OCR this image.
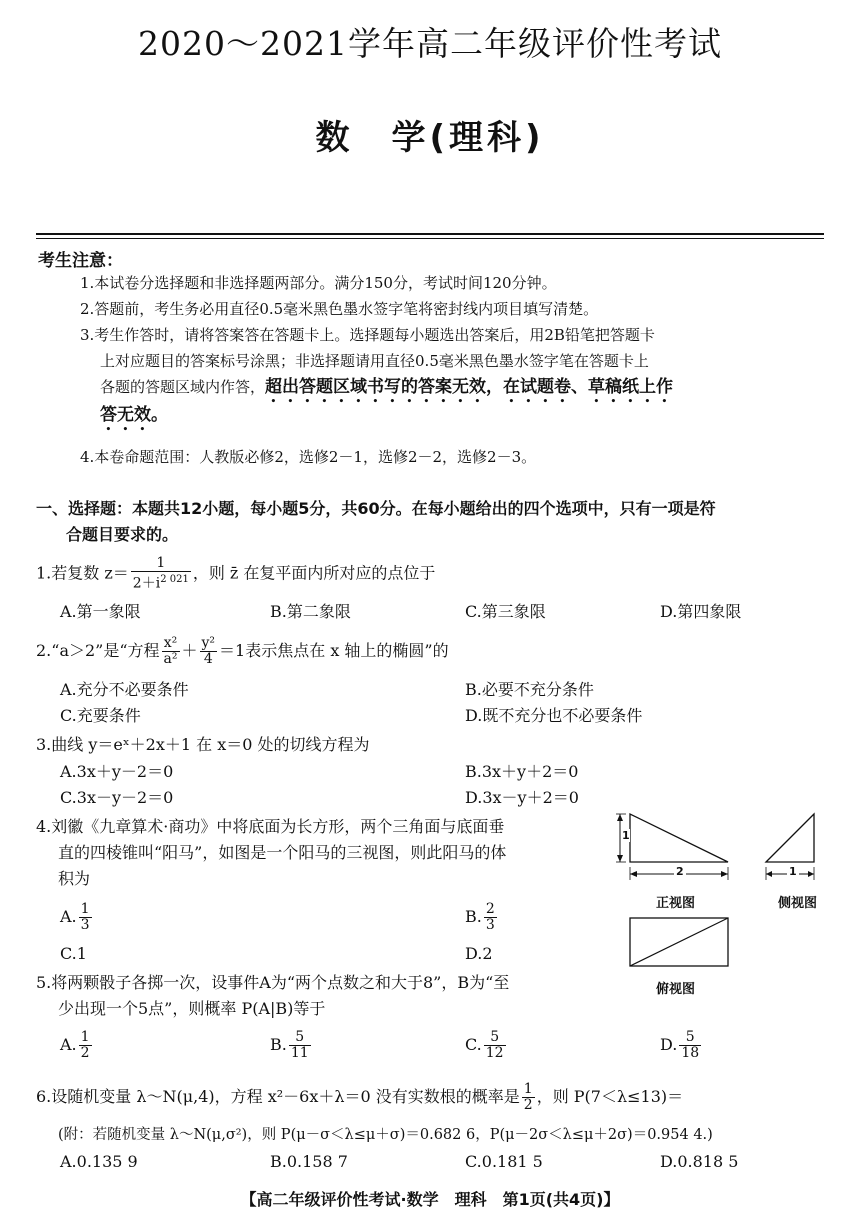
2020～2021学年高二年级评价性考试
数　学(理科)
考生注意：
1.本试卷分选择题和非选择题两部分。满分150分，考试时间120分钟。
2.答题前，考生务必用直径0.5毫米黑色墨水签字笔将密封线内项目填写清楚。
3.考生作答时，请将答案答在答题卡上。选择题每小题选出答案后，用2B铅笔把答题卡
上对应题目的答案标号涂黑；非选择题请用直径0.5毫米黑色墨水签字笔在答题卡上
各题的答题区域内作答，超出答题区域书写的答案无效，在试题卷、草稿纸上作
答无效。
4.本卷命题范围：人教版必修2，选修2－1，选修2－2，选修2－3。
一、选择题：本题共12小题，每小题5分，共60分。在每小题给出的四个选项中，只有一项是符
合题目要求的。
1.若复数 $z= \frac{1}{2+i^{2 021}}$ ，则 z̄ 在复平面内所对应的点位于
A.第一象限	B.第二象限	C.第三象限	D.第四象限
2.“a＞2”是“方程 $\frac{\text{x²}}{\text{a²}} + \frac{\text{y²}}{4} =1$表示焦点在 x 轴上的椭圆”的
A.充分不必要条件	B.必要不充分条件
C.充要条件	D.既不充分也不必要条件
3.曲线 y＝eˣ＋2x＋1 在 x＝0 处的切线方程为
A.3x＋y－2＝0	B.3x＋y＋2＝0
C.3x－y－2＝0	D.3x－y＋2＝0
4.刘徽《九章算术·商功》中将底面为长方形，两个三角面与底面垂
直的四棱锥叫“阳马”，如图是一个阳马的三视图，则此阳马的体
积为
A. $\frac{1}{3}$	B. $\frac{2}{3}$
C.1	D.2
1
2	1
正视图	侧视图
俯视图
5.将两颗骰子各掷一次，设事件A为“两个点数之和大于8”，B为“至
少出现一个5点”，则概率 P(A|B)等于
A. $\frac{1}{2}$	B. $\frac{5}{11}$	C. $\frac{5}{12}$	D. $\frac{5}{18}$
6.设随机变量 λ～N(μ,4)，方程 x²－6x＋λ＝0 没有实数根的概率是 $\frac{1}{2}$ ，则 P(7＜λ≤13)＝
(附：若随机变量 λ～N(μ,σ²)，则 P(μ－σ＜λ≤μ＋σ)＝0.682 6，P(μ－2σ＜λ≤μ＋2σ)＝0.954 4.)
A.0.135 9	B.0.158 7	C.0.181 5	D.0.818 5
【高二年级评价性考试·数学　理科　第1页(共4页)】
